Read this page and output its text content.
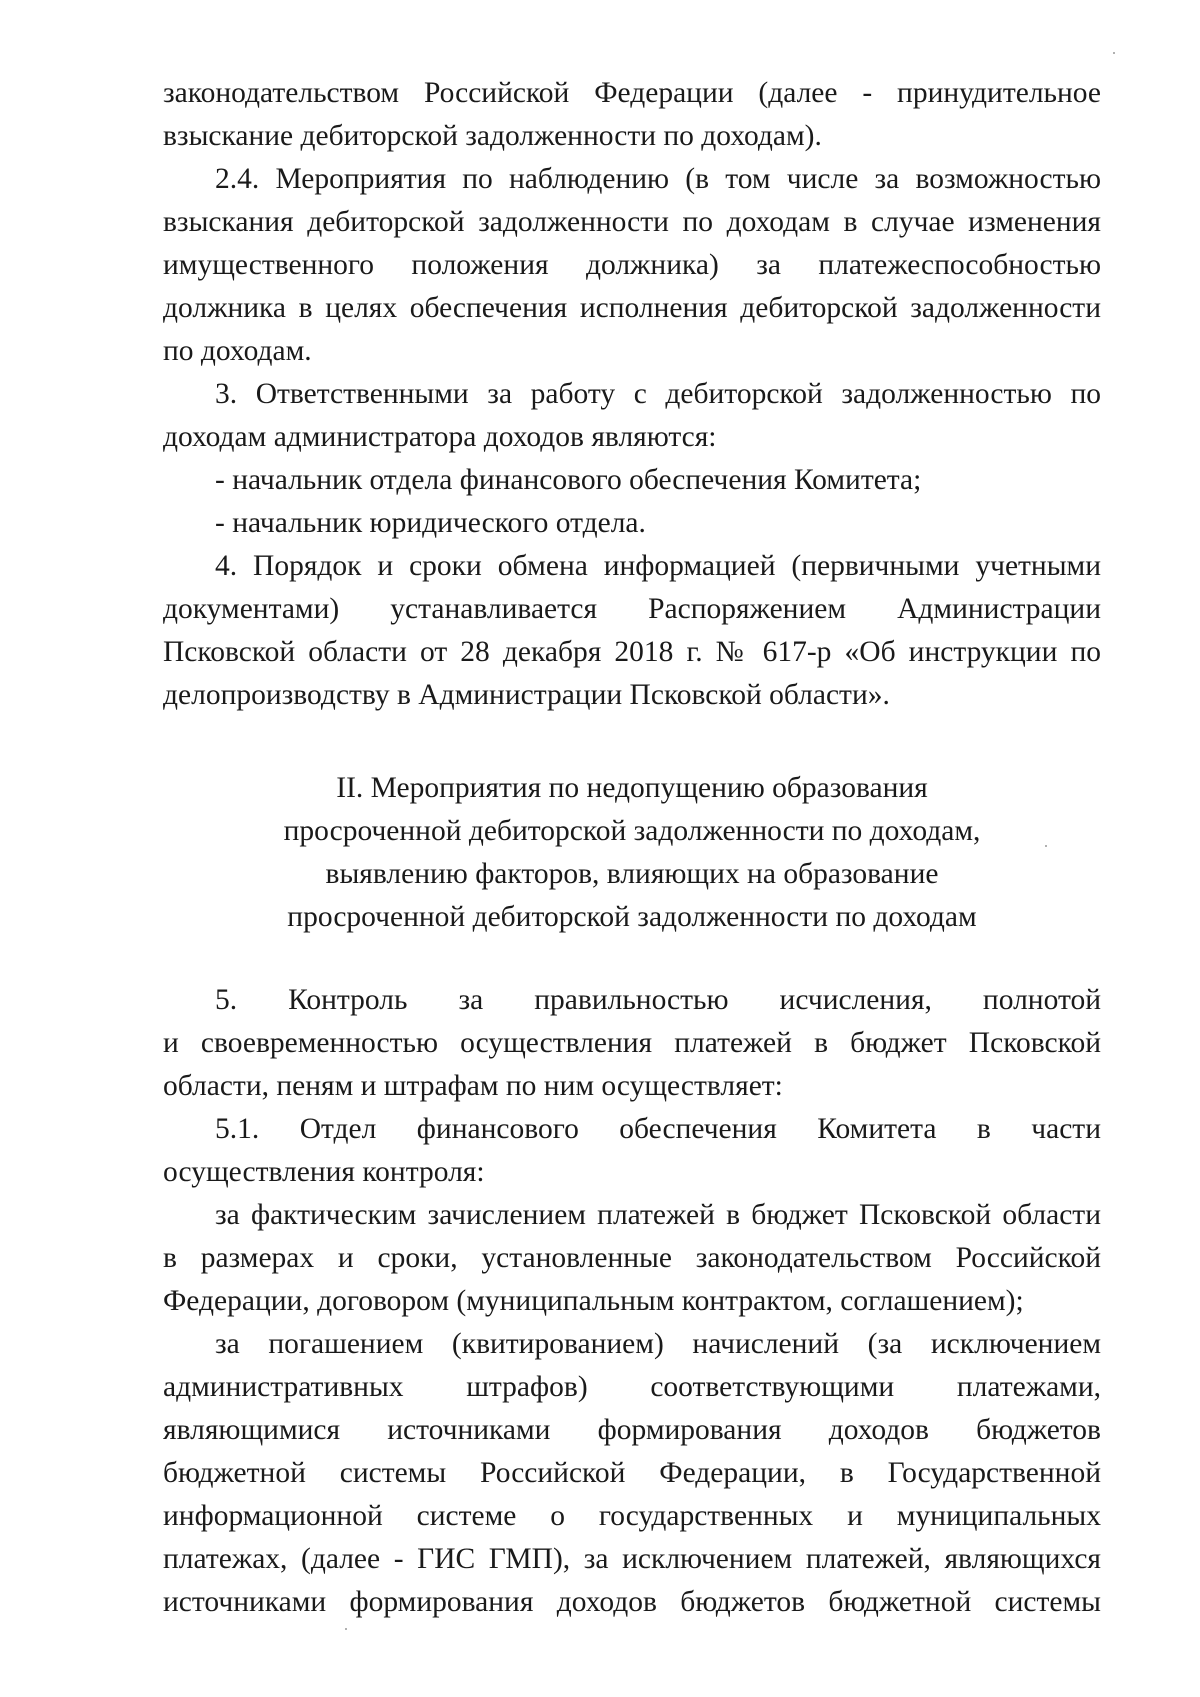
законодательством Российской Федерации (далее - принудительное
взыскание дебиторской задолженности по доходам).
2.4. Мероприятия по наблюдению (в том числе за возможностью
взыскания дебиторской задолженности по доходам в случае изменения
имущественного положения должника) за платежеспособностью
должника в целях обеспечения исполнения дебиторской задолженности
по доходам.
3. Ответственными за работу с дебиторской задолженностью по
доходам администратора доходов являются:
- начальник отдела финансового обеспечения Комитета;
- начальник юридического отдела.
4. Порядок и сроки обмена информацией (первичными учетными
документами) устанавливается Распоряжением Администрации
Псковской области от 28 декабря 2018 г. № 617-р «Об инструкции по
делопроизводству в Администрации Псковской области».
II. Мероприятия по недопущению образования
просроченной дебиторской задолженности по доходам,
выявлению факторов, влияющих на образование
просроченной дебиторской задолженности по доходам
5. Контроль за правильностью исчисления, полнотой
и своевременностью осуществления платежей в бюджет Псковской
области, пеням и штрафам по ним осуществляет:
5.1. Отдел финансового обеспечения Комитета в части
осуществления контроля:
за фактическим зачислением платежей в бюджет Псковской области
в размерах и сроки, установленные законодательством Российской
Федерации, договором (муниципальным контрактом, соглашением);
за погашением (квитированием) начислений (за исключением
административных штрафов) соответствующими платежами,
являющимися источниками формирования доходов бюджетов
бюджетной системы Российской Федерации, в Государственной
информационной системе о государственных и муниципальных
платежах, (далее - ГИС ГМП), за исключением платежей, являющихся
источниками формирования доходов бюджетов бюджетной системы
